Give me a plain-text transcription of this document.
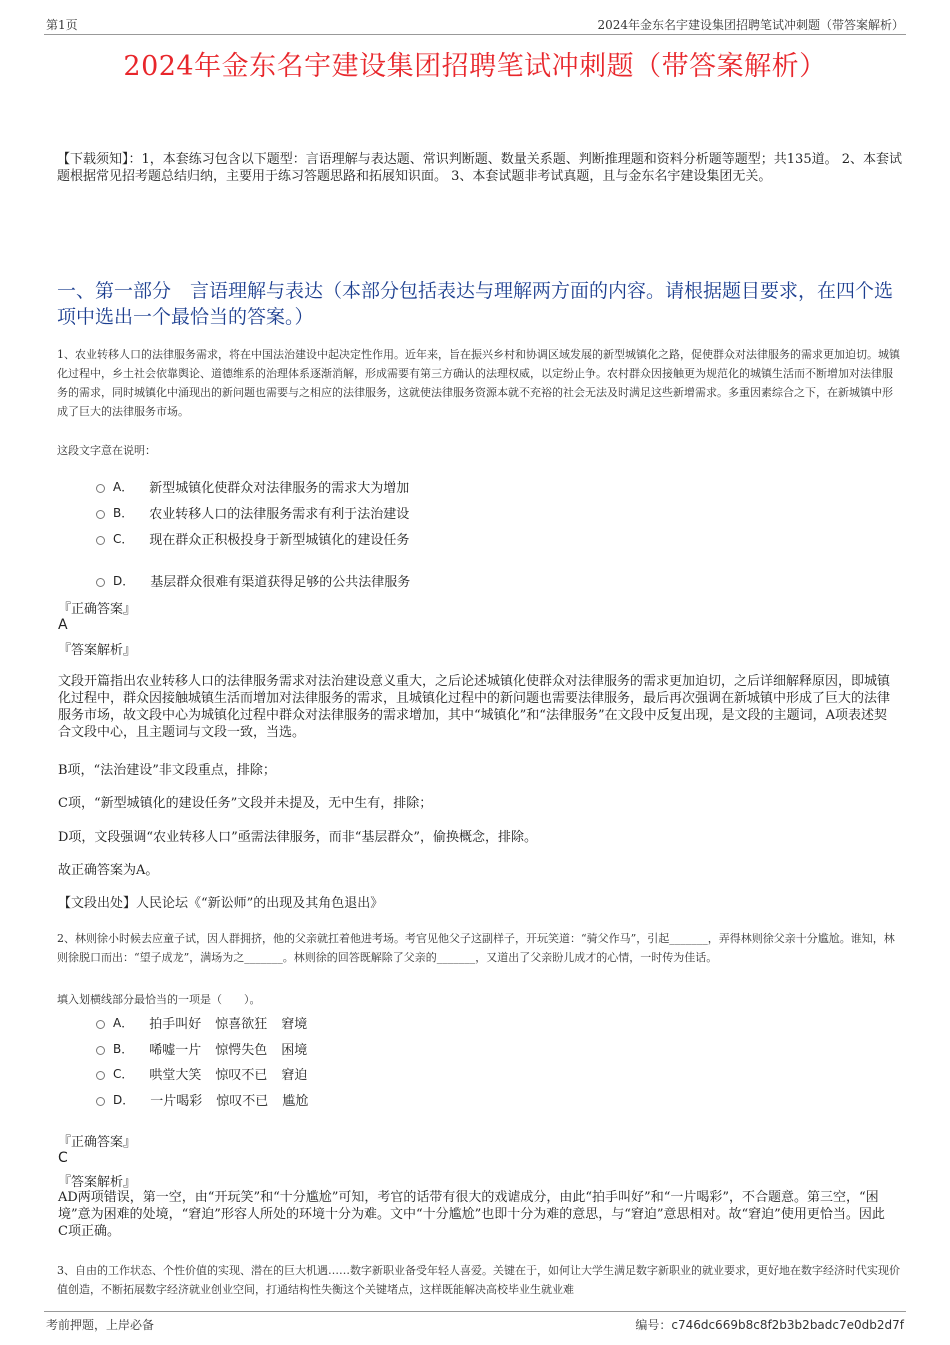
第1页	2024年金东名宇建设集团招聘笔试冲刺题（带答案解析）
2024年金东名宇建设集团招聘笔试冲刺题（带答案解析）
【下载须知】：1，本套练习包含以下题型：言语理解与表达题、常识判断题、数量关系题、判断推理题和资料分析题等题型；共135道。 2、本套试题根据常见招考题总结归纳，主要用于练习答题思路和拓展知识面。 3、本套试题非考试真题，且与金东名宇建设集团无关。
一、第一部分　言语理解与表达（本部分包括表达与理解两方面的内容。请根据题目要求，在四个选项中选出一个最恰当的答案。）
1、农业转移人口的法律服务需求，将在中国法治建设中起决定性作用。近年来，旨在振兴乡村和协调区域发展的新型城镇化之路，促使群众对法律服务的需求更加迫切。城镇化过程中，乡土社会依靠舆论、道德维系的治理体系逐渐消解，形成需要有第三方确认的法理权威，以定纷止争。农村群众因接触更为规范化的城镇生活而不断增加对法律服务的需求，同时城镇化中涌现出的新问题也需要与之相应的法律服务，这就使法律服务资源本就不充裕的社会无法及时满足这些新增需求。多重因素综合之下，在新城镇中形成了巨大的法律服务市场。
这段文字意在说明：
A． 新型城镇化使群众对法律服务的需求大为增加
B． 农业转移人口的法律服务需求有利于法治建设
C． 现在群众正积极投身于新型城镇化的建设任务
D． 基层群众很难有渠道获得足够的公共法律服务
『正确答案』
A
『答案解析』
文段开篇指出农业转移人口的法律服务需求对法治建设意义重大，之后论述城镇化使群众对法律服务的需求更加迫切，之后详细解释原因，即城镇化过程中，群众因接触城镇生活而增加对法律服务的需求，且城镇化过程中的新问题也需要法律服务，最后再次强调在新城镇中形成了巨大的法律服务市场，故文段中心为城镇化过程中群众对法律服务的需求增加，其中“城镇化”和“法律服务”在文段中反复出现，是文段的主题词，A项表述契合文段中心，且主题词与文段一致，当选。
B项，“法治建设”非文段重点，排除；
C项，“新型城镇化的建设任务”文段并未提及，无中生有，排除；
D项，文段强调“农业转移人口”亟需法律服务，而非“基层群众”，偷换概念，排除。
故正确答案为A。
【文段出处】人民论坛《“新讼师”的出现及其角色退出》
2、林则徐小时候去应童子试，因人群拥挤，他的父亲就扛着他进考场。考官见他父子这副样子，开玩笑道：“骑父作马”，引起_______，弄得林则徐父亲十分尴尬。谁知，林则徐脱口而出：“望子成龙”，满场为之_______。林则徐的回答既解除了父亲的_______，又道出了父亲盼儿成才的心情，一时传为佳话。
填入划横线部分最恰当的一项是（　　）。
A． 拍手叫好 惊喜欲狂 窘境
B． 唏嘘一片 惊愕失色 困境
C． 哄堂大笑 惊叹不已 窘迫
D． 一片喝彩 惊叹不已 尴尬
『正确答案』
C
『答案解析』
AD两项错误，第一空，由“开玩笑”和“十分尴尬”可知，考官的话带有很大的戏谑成分，由此“拍手叫好”和“一片喝彩”，不合题意。第三空，“困境”意为困难的处境，“窘迫”形容人所处的环境十分为难。文中“十分尴尬”也即十分为难的意思，与“窘迫”意思相对。故“窘迫”使用更恰当。因此C项正确。
3、自由的工作状态、个性价值的实现、潜在的巨大机遇……数字新职业备受年轻人喜爱。关键在于，如何让大学生满足数字新职业的就业要求，更好地在数字经济时代实现价值创造，不断拓展数字经济就业创业空间，打通结构性失衡这个关键堵点，这样既能解决高校毕业生就业难
考前押题，上岸必备	编号：c746dc669b8c8f2b3b2badc7e0db2d7f
